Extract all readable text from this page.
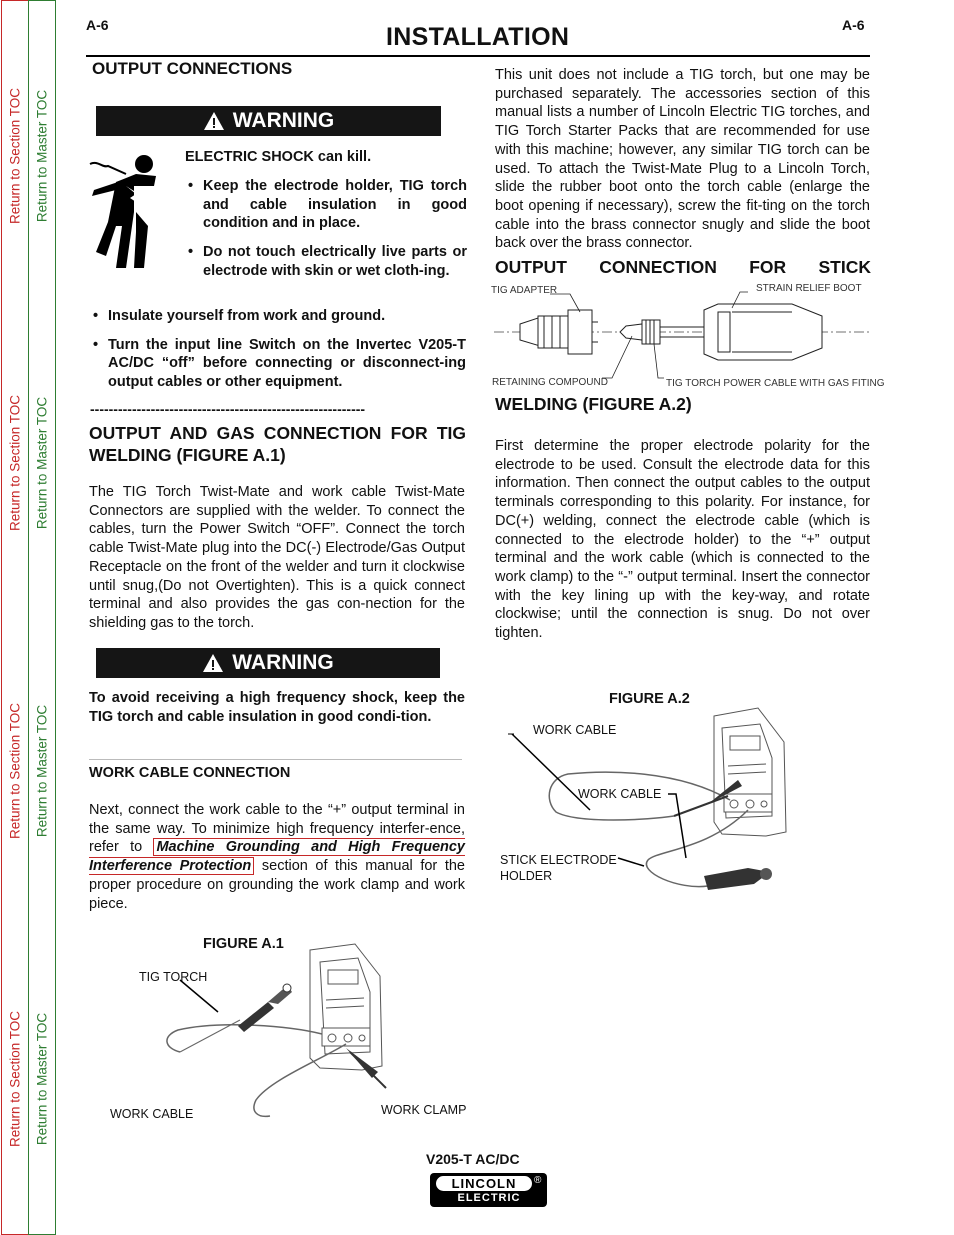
Return to Section TOC
Return to Section TOC
Return to Section TOC
Return to Section TOC
Return to Master TOC
Return to Master TOC
Return to Master TOC
Return to Master TOC
A-6	A-6
INSTALLATION
OUTPUT CONNECTIONS
WARNING
ELECTRIC SHOCK can kill.
• Keep the electrode holder, TIG torch and cable insulation in good condition and in place.
• Do not touch electrically live parts or electrode with skin or wet cloth-ing.
• Insulate yourself from work and ground.
• Turn the input line Switch on the Invertec V205-T AC/DC “off” before connecting or disconnect-ing output cables or other equipment.
-----------------------------------------------------------
OUTPUT AND GAS CONNECTION FOR TIG WELDING (FIGURE A.1)
The TIG Torch Twist-Mate and work cable Twist-Mate Connectors are supplied with the welder. To connect the cables, turn the Power Switch “OFF”. Connect the torch cable Twist-Mate plug into the DC(-) Electrode/Gas Output Receptacle on the front of the welder and turn it clockwise until snug,(Do not Overtighten). This is a quick connect terminal and also provides the gas con-nection for the shielding gas to the torch.
WARNING
To avoid receiving a high frequency shock, keep the TIG torch and cable insulation in good condi-tion.
WORK CABLE CONNECTION
Next, connect the work cable to the “+” output terminal in the same way. To minimize high frequency interfer-ence, refer to Machine Grounding and High Frequency Interference Protection section of this manual for the proper procedure on grounding the work clamp and work piece.
FIGURE A.1
TIG TORCH
WORK CABLE	WORK CLAMP
This unit does not include a TIG torch, but one may be purchased separately. The accessories section of this manual lists a number of Lincoln Electric TIG torches, and TIG Torch Starter Packs that are recommended for use with this machine; however, any similar TIG torch can be used. To attach the Twist-Mate Plug to a Lincoln Torch, slide the rubber boot onto the torch cable (enlarge the boot opening if necessary), screw the fit-ting on the torch cable into the brass connector snugly and slide the boot back over the brass connector.
OUTPUT CONNECTION FOR STICK
TIG ADAPTER	STRAIN RELIEF BOOT
RETAINING COMPOUND	TIG TORCH POWER CABLE WITH GAS FITING
WELDING (FIGURE A.2)
First determine the proper electrode polarity for the electrode to be used. Consult the electrode data for this information. Then connect the output cables to the output terminals corresponding to this polarity. For instance, for DC(+) welding, connect the electrode cable (which is connected to the electrode holder) to the “+” output terminal and the work cable (which is connected to the work clamp) to the “-” output terminal. Insert the connector with the key lining up with the key-way, and rotate clockwise; until the connection is snug. Do not over tighten.
FIGURE A.2
WORK CABLE
WORK CABLE
STICK ELECTRODE
HOLDER
V205-T AC/DC
LINCOLN	®
ELECTRIC
